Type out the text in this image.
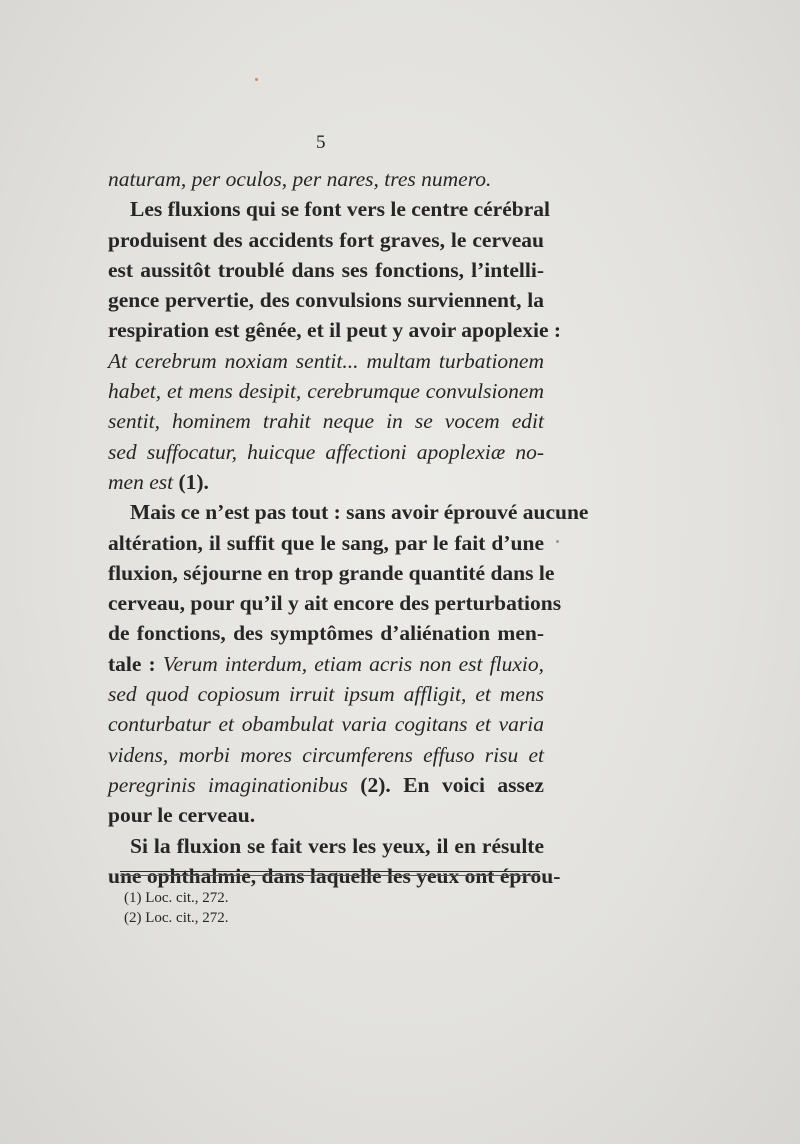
5
naturam, per oculos, per nares, tres numero.
Les fluxions qui se font vers le centre cérébral
produisent des accidents fort graves, le cerveau
est aussitôt troublé dans ses fonctions, l’intelli-
gence pervertie, des convulsions surviennent, la
respiration est gênée, et il peut y avoir apoplexie :
At cerebrum noxiam sentit... multam turbationem
habet, et mens desipit, cerebrumque convulsionem
sentit, hominem trahit neque in se vocem edit
sed suffocatur, huicque affectioni apoplexiæ no-
men est (1).
Mais ce n’est pas tout : sans avoir éprouvé aucune
altération, il suffit que le sang, par le fait d’une
fluxion, séjourne en trop grande quantité dans le
cerveau, pour qu’il y ait encore des perturbations
de fonctions, des symptômes d’aliénation men-
tale : Verum interdum, etiam acris non est fluxio,
sed quod copiosum irruit ipsum affligit, et mens
conturbatur et obambulat varia cogitans et varia
videns, morbi mores circumferens effuso risu et
peregrinis imaginationibus (2). En voici assez
pour le cerveau.
Si la fluxion se fait vers les yeux, il en résulte
une ophthalmie, dans laquelle les yeux ont éprou-
(1) Loc. cit., 272.
(2) Loc. cit., 272.
